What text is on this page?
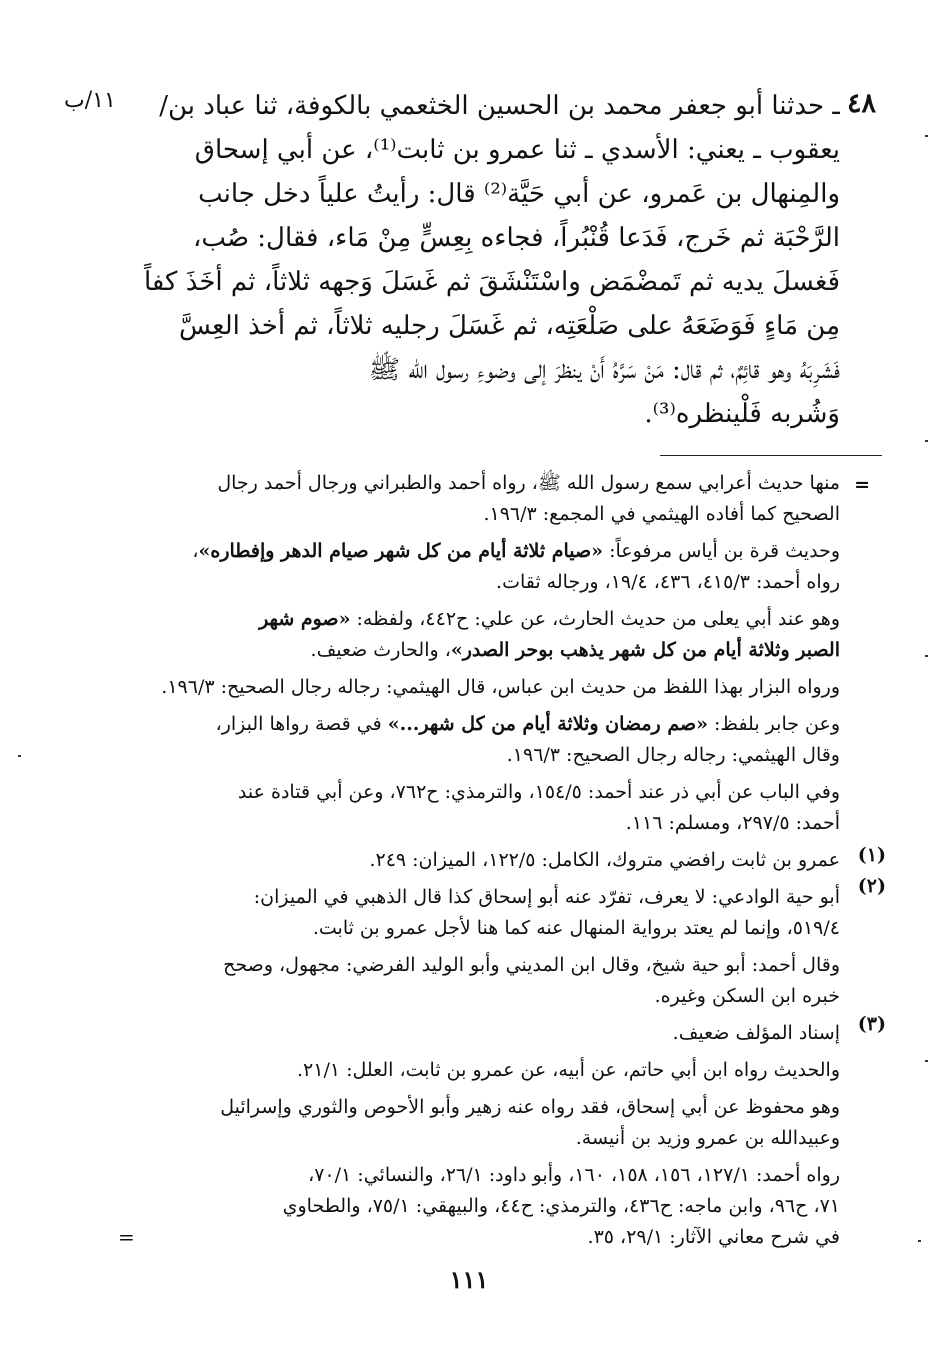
٤٨
١١/ب	ـ حدثنا أبو جعفر محمد بن الحسين الخثعمي بالكوفة، ثنا عباد بن/
يعقوب ـ يعني: الأسدي ـ ثنا عمرو بن ثابت⁽¹⁾، عن أبي إسحاق
والمِنهال بن عَمرو، عن أبي حَيَّة⁽²⁾ قال: رأيتُ علياً دخل جانب
الرَّحْبَة ثم خَرج، فَدَعا قُنْبُراً، فجاءه بِعِسٍّ مِنْ مَاء، فقال: صُب،
فَغسلَ يديه ثم تَمضْمَض واسْتَنْشَقَ ثم غَسَلَ وَجهه ثلاثاً، ثم أخَذَ كفاً
مِن مَاءٍ فَوَضَعَهُ على صَلْعَتِه، ثم غَسَلَ رجليه ثلاثاً، ثم أخذ العِسَّ
فَشَرِبَهُ وهو قائِمٌ، ثم قال: مَنْ سَرَّهُ أَنْ ينظرَ إلى وضوءِ رسول الله ﷺ
وَشُربه فَلْينظره⁽³⁾.
=
(١)
(٢)
(٣)
منها حديث أعرابي سمع رسول الله ﷺ، رواه أحمد والطبراني ورجال أحمد رجال
الصحيح كما أفاده الهيثمي في المجمع: ١٩٦/٣.
وحديث قرة بن أياس مرفوعاً: «صيام ثلاثة أيام من كل شهر صيام الدهر وإفطاره»،
رواه أحمد: ٤١٥/٣، ٤٣٦، ١٩/٤، ورجاله ثقات.
وهو عند أبي يعلى من حديث الحارث، عن علي: ح٤٤٢، ولفظه: «صوم شهر
الصبر وثلاثة أيام من كل شهر يذهب بوحر الصدر»، والحارث ضعيف.
ورواه البزار بهذا اللفظ من حديث ابن عباس، قال الهيثمي: رجاله رجال الصحيح: ١٩٦/٣.
وعن جابر بلفظ: «صم رمضان وثلاثة أيام من كل شهر...» في قصة رواها البزار،
وقال الهيثمي: رجاله رجال الصحيح: ١٩٦/٣.
وفي الباب عن أبي ذر عند أحمد: ١٥٤/٥، والترمذي: ح٧٦٢، وعن أبي قتادة عند
أحمد: ٢٩٧/٥، ومسلم: ١١٦.
عمرو بن ثابت رافضي متروك، الكامل: ١٢٢/٥، الميزان: ٢٤٩.
أبو حية الوادعي: لا يعرف، تفرّد عنه أبو إسحاق كذا قال الذهبي في الميزان:
٥١٩/٤، وإنما لم يعتد برواية المنهال عنه كما هنا لأجل عمرو بن ثابت.
وقال أحمد: أبو حية شيخ، وقال ابن المديني وأبو الوليد الفرضي: مجهول، وصحح
خبره ابن السكن وغيره.
إسناد المؤلف ضعيف.
والحديث رواه ابن أبي حاتم، عن أبيه، عن عمرو بن ثابت، العلل: ٢١/١.
وهو محفوظ عن أبي إسحاق، فقد رواه عنه زهير وأبو الأحوص والثوري وإسرائيل
وعبيدالله بن عمرو وزيد بن أنيسة.
رواه أحمد: ١٢٧/١، ١٥٦، ١٥٨، ١٦٠، وأبو داود: ٢٦/١، والنسائي: ٧٠/١،
٧١، ح٩٦، وابن ماجه: ح٤٣٦، والترمذي: ح٤٤، والبيهقي: ٧٥/١، والطحاوي
في شرح معاني الآثار: ٢٩/١، ٣٥.
=
١١١
